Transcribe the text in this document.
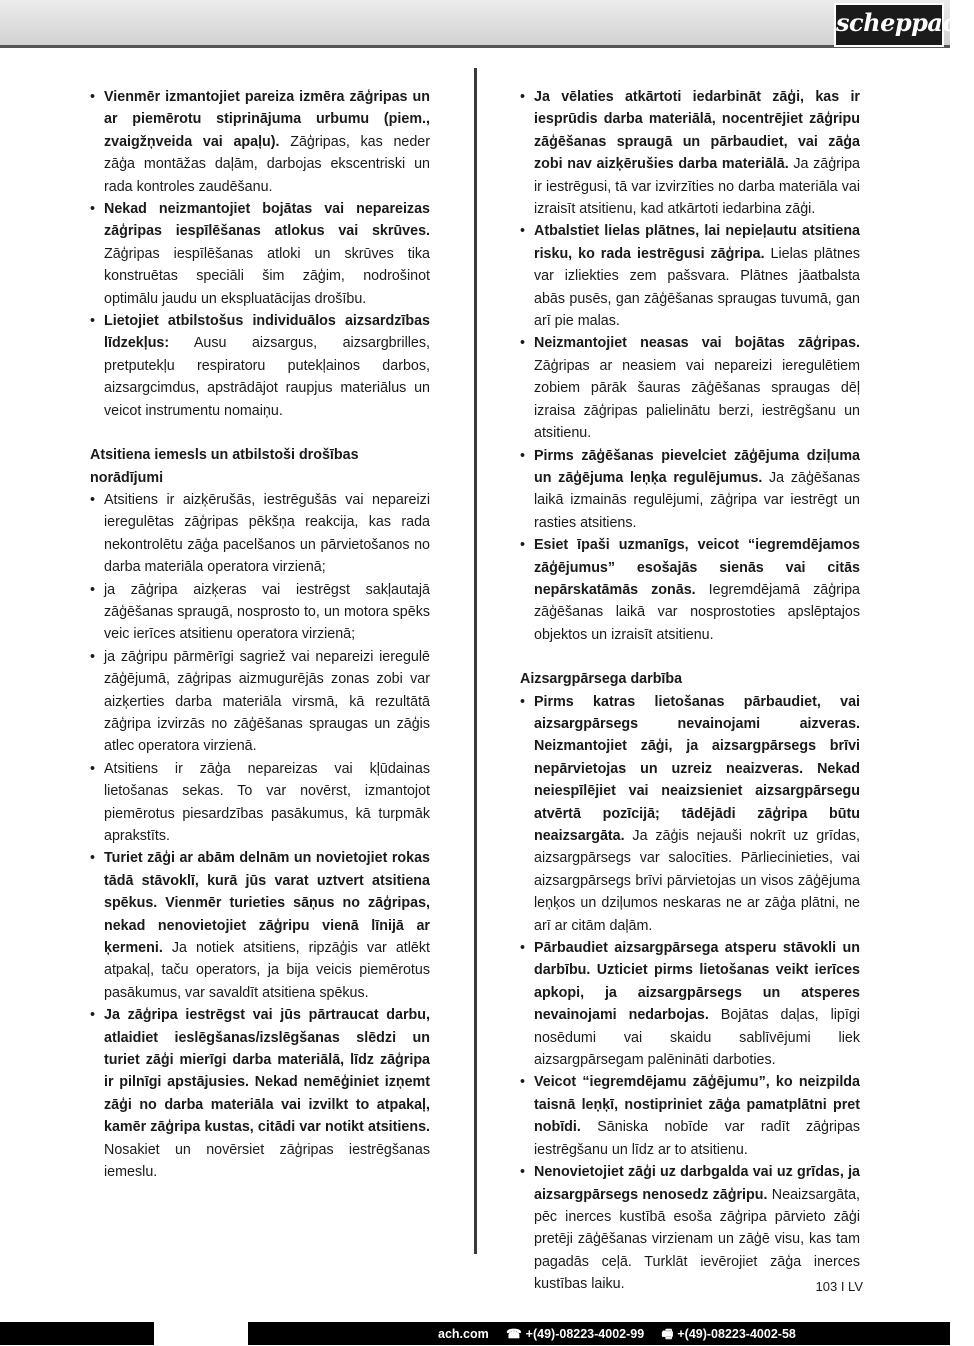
scheppach
• Vienmēr izmantojiet pareiza izmēra zāģripas un ar piemērotu stiprinājuma urbumu (piem., zvaigžņveida vai apaļu). Zāģripas, kas neder zāģa montāžas daļām, darbojas ekscentriski un rada kontroles zaudēšanu.
• Nekad neizmantojiet bojātas vai nepareizas zāģripas iespīlēšanas atlokus vai skrūves. Zāģripas iespīlēšanas atloki un skrūves tika konstruētas speciāli šim zāģim, nodrošinot optimālu jaudu un ekspluatācijas drošību.
• Lietojiet atbilstošus individuālos aizsardzības līdzekļus: Ausu aizsargus, aizsargbrilles, pretputekļu respiratoru putekļainos darbos, aizsargcimdus, apstrādājot raupjus materiālus un veicot instrumentu nomaiņu.
Atsitiena iemesls un atbilstoši drošības norādījumi
• Atsitiens ir aizķērušās, iestrēgušās vai nepareizi ieregulētas zāģripas pēkšņa reakcija, kas rada nekontrolētu zāģa pacelšanos un pārvietošanos no darba materiāla operatora virzienā;
• ja zāģripa aizķeras vai iestrēgst sakļautajā zāģēšanas spraugā, nosprosto to, un motora spēks veic ierīces atsitienu operatora virzienā;
• ja zāģripu pārmērīgi sagriež vai nepareizi ieregulē zāģējumā, zāģripas aizmugurējās zonas zobi var aizķerties darba materiāla virsmā, kā rezultātā zāģripa izvirzās no zāģēšanas spraugas un zāģis atlec operatora virzienā.
• Atsitiens ir zāģa nepareizas vai kļūdainas lietošanas sekas. To var novērst, izmantojot piemērotus piesardzības pasākumus, kā turpmāk aprakstīts.
• Turiet zāģi ar abām delnām un novietojiet rokas tādā stāvoklī, kurā jūs varat uztvert atsitiena spēkus. Vienmēr turieties sāņus no zāģripas, nekad nenovietojiet zāģripu vienā līnijā ar ķermeni. Ja notiek atsitiens, ripzāģis var atlēkt atpakaļ, taču operators, ja bija veicis piemērotus pasākumus, var savaldīt atsitiena spēkus.
• Ja zāģripa iestrēgst vai jūs pārtraucat darbu, atlaidiet ieslēgšanas/izslēgšanas slēdzi un turiet zāģi mierīgi darba materiālā, līdz zāģripa ir pilnīgi apstājusies. Nekad nemēģiniet izņemt zāģi no darba materiāla vai izvilkt to atpakaļ, kamēr zāģripa kustas, citādi var notikt atsitiens. Nosakiet un novērsiet zāģripas iestrēgšanas iemeslu.
• Ja vēlaties atkārtoti iedarbināt zāģi, kas ir iesprūdis darba materiālā, nocentrējiet zāģripu zāģēšanas spraugā un pārbaudiet, vai zāģa zobi nav aizķērušies darba materiālā. Ja zāģripa ir iestrēgusi, tā var izvirzīties no darba materiāla vai izraisīt atsitienu, kad atkārtoti iedarbina zāģi.
• Atbalstiet lielas plātnes, lai nepieļautu atsitiena risku, ko rada iestrēgusi zāģripa. Lielas plātnes var izliekties zem pašsvara. Plātnes jāatbalsta abās pusēs, gan zāģēšanas spraugas tuvumā, gan arī pie malas.
• Neizmantojiet neasas vai bojātas zāģripas. Zāģripas ar neasiem vai nepareizi ieregulētiem zobiem pārāk šauras zāģēšanas spraugas dēļ izraisa zāģripas palielinātu berzi, iestrēgšanu un atsitienu.
• Pirms zāģēšanas pievelciet zāģējuma dziļuma un zāģējuma leņķa regulējumus. Ja zāģēšanas laikā izmainās regulējumi, zāģripa var iestrēgt un rasties atsitiens.
• Esiet īpaši uzmanīgs, veicot “iegremdējamos zāģējumus” esošajās sienās vai citās nepārskatāmās zonās. Iegremdējamā zāģripa zāģēšanas laikā var nosprostoties apslēptajos objektos un izraisīt atsitienu.
Aizsargpārsega darbība
• Pirms katras lietošanas pārbaudiet, vai aizsargpārsegs nevainojami aizveras. Neizmantojiet zāģi, ja aizsargpārsegs brīvi nepārvietojas un uzreiz neaizveras. Nekad neiespīlējiet vai neaizsieniet aizsargpārsegu atvērtā pozīcijā; tādējādi zāģripa būtu neaizsargāta. Ja zāģis nejauši nokrīt uz grīdas, aizsargpārsegs var salocīties. Pārliecinieties, vai aizsargpārsegs brīvi pārvietojas un visos zāģējuma leņķos un dziļumos neskaras ne ar zāģa plātni, ne arī ar citām daļām.
• Pārbaudiet aizsargpārsega atsperu stāvokli un darbību. Uzticiet pirms lietošanas veikt ierīces apkopi, ja aizsargpārsegs un atsperes nevainojami nedarbojas. Bojātas daļas, lipīgi nosēdumi vai skaidu sablīvējumi liek aizsargpārsegam palēnināti darboties.
• Veicot “iegremdējamu zāģējumu”, ko neizpilda taisnā leņķī, nostipriniet zāģa pamatplātni pret nobīdi. Sāniska nobīde var radīt zāģripas iestrēgšanu un līdz ar to atsitienu.
• Nenovietojiet zāģi uz darbgalda vai uz grīdas, ja aizsargpārsegs nenosedz zāģripu. Neaizsargāta, pēc inerces kustībā esoša zāģripa pārvieto zāģi pretēji zāģēšanas virzienam un zāģē visu, kas tam pagadās ceļā. Turklāt ievērojiet zāģa inerces kustības laiku.	103 I LV
ach.com ☎ +(49)-08223-4002-99 🖷 +(49)-08223-4002-58
